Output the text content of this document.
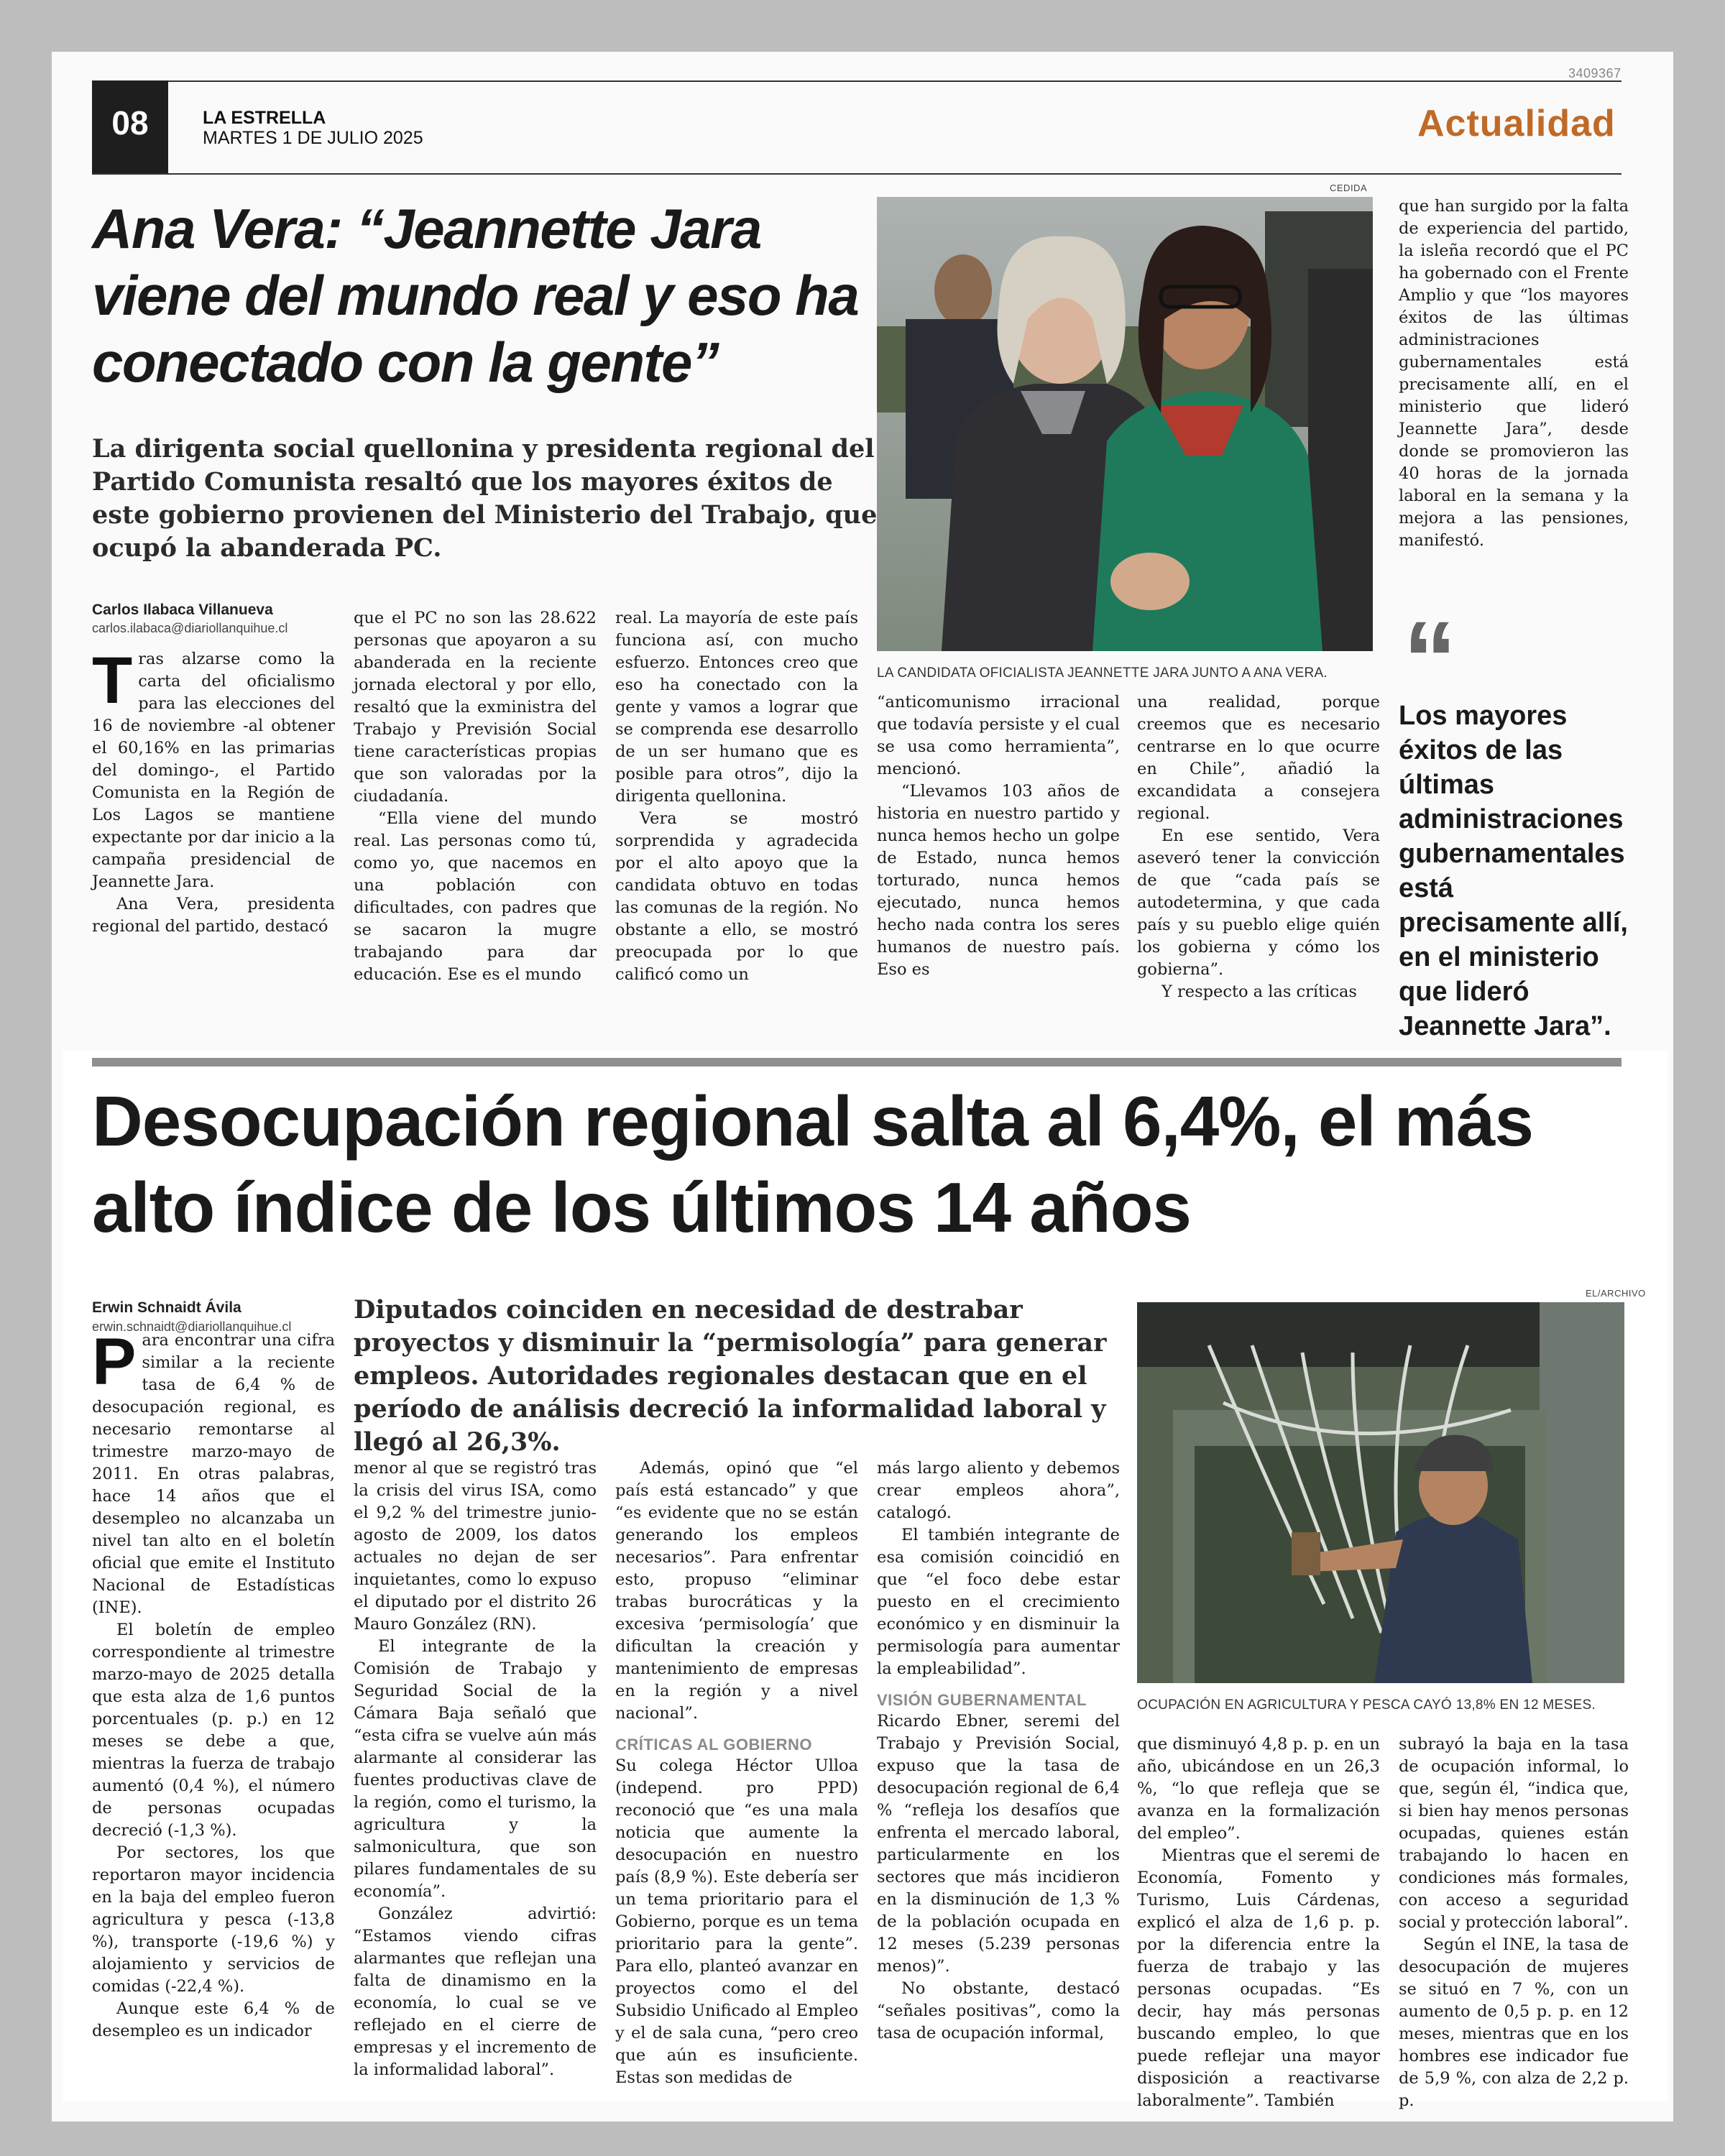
3409367
08	LA ESTRELLA
MARTES 1 DE JULIO 2025	Actualidad
Ana Vera: “Jeannette Jara viene del mundo real y eso ha conectado con la gente”
La dirigenta social quellonina y presidenta regional del Partido Comunista resaltó que los mayores éxitos de este gobierno provienen del Ministerio del Trabajo, que ocupó la abanderada PC.
Carlos Ilabaca Villanueva
carlos.ilabaca@diariollanquihue.cl
CEDIDA
LA CANDIDATA OFICIALISTA JEANNETTE JARA JUNTO A ANA VERA.

Tras alzarse como la carta del oficialismo para las elecciones del 16 de noviembre -al obtener el 60,16% en las primarias del domingo-, el Partido Comunista en la Región de Los Lagos se mantiene expectante por dar inicio a la campaña presidencial de Jeannette Jara.

Ana Vera, presidenta regional del partido, destacó

que el PC no son las 28.622 personas que apoyaron a su abanderada en la reciente jornada electoral y por ello, resaltó que la exministra del Trabajo y Previsión Social tiene características propias que son valoradas por la ciudadanía.

“Ella viene del mundo real. Las personas como tú, como yo, que nacemos en una población con dificultades, con padres que se sacaron la mugre trabajando para dar educación. Ese es el mundo

real. La mayoría de este país funciona así, con mucho esfuerzo. Entonces creo que eso ha conectado con la gente y vamos a lograr que se comprenda ese desarrollo de un ser humano que es posible para otros”, dijo la dirigenta quellonina.

Vera se mostró sorprendida y agradecida por el alto apoyo que la candidata obtuvo en todas las comunas de la región. No obstante a ello, se mostró preocupada por lo que calificó como un

“anticomunismo irracional que todavía persiste y el cual se usa como herramienta”, mencionó.

“Llevamos 103 años de historia en nuestro partido y nunca hemos hecho un golpe de Estado, nunca hemos torturado, nunca hemos ejecutado, nunca hemos hecho nada contra los seres humanos de nuestro país. Eso es

una realidad, porque creemos que es necesario centrarse en lo que ocurre en Chile”, añadió la excandidata a consejera regional.

En ese sentido, Vera aseveró tener la convicción de que “cada país se autodetermina, y que cada país y su pueblo elige quién los gobierna y cómo los gobierna”.

Y respecto a las críticas

que han surgido por la falta de experiencia del partido, la isleña recordó que el PC ha gobernado con el Frente Amplio y que “los mayores éxitos de las últimas administraciones gubernamentales está precisamente allí, en el ministerio que lideró Jeannette Jara”, desde donde se promovieron las 40 horas de la jornada laboral en la semana y la mejora a las pensiones, manifestó.

“
Los mayores éxitos de las últimas administraciones gubernamentales está precisamente allí, en el ministerio que lideró Jeannette Jara”.
Desocupación regional salta al 6,4%, el más alto índice de los últimos 14 años
Erwin Schnaidt Ávila
erwin.schnaidt@diariollanquihue.cl
Diputados coinciden en necesidad de destrabar proyectos y disminuir la “permisología” para generar empleos. Autoridades regionales destacan que en el período de análisis decreció la informalidad laboral y llegó al 26,3%.
EL/ARCHIVO
OCUPACIÓN EN AGRICULTURA Y PESCA CAYÓ 13,8% EN 12 MESES.

Para encontrar una cifra similar a la reciente tasa de 6,4 % de desocupación regional, es necesario remontarse al trimestre marzo-mayo de 2011. En otras palabras, hace 14 años que el desempleo no alcanzaba un nivel tan alto en el boletín oficial que emite el Instituto Nacional de Estadísticas (INE).

El boletín de empleo correspondiente al trimestre marzo-mayo de 2025 detalla que esta alza de 1,6 puntos porcentuales (p. p.) en 12 meses se debe a que, mientras la fuerza de trabajo aumentó (0,4 %), el número de personas ocupadas decreció (-1,3 %).

Por sectores, los que reportaron mayor incidencia en la baja del empleo fueron agricultura y pesca (-13,8 %), transporte (-19,6 %) y alojamiento y servicios de comidas (-22,4 %).

Aunque este 6,4 % de desempleo es un indicador

menor al que se registró tras la crisis del virus ISA, como el 9,2 % del trimestre junio-agosto de 2009, los datos actuales no dejan de ser inquietantes, como lo expuso el diputado por el distrito 26 Mauro González (RN).

El integrante de la Comisión de Trabajo y Seguridad Social de la Cámara Baja señaló que “esta cifra se vuelve aún más alarmante al considerar las fuentes productivas clave de la región, como el turismo, la agricultura y la salmonicultura, que son pilares fundamentales de su economía”.

González advirtió: “Estamos viendo cifras alarmantes que reflejan una falta de dinamismo en la economía, lo cual se ve reflejado en el cierre de empresas y el incremento de la informalidad laboral”.

Además, opinó que “el país está estancado” y que “es evidente que no se están generando los empleos necesarios”. Para enfrentar esto, propuso “eliminar trabas burocráticas y la excesiva ‘permisología’ que dificultan la creación y mantenimiento de empresas en la región y a nivel nacional”.

CRÍTICAS AL GOBIERNO

Su colega Héctor Ulloa (independ. pro PPD) reconoció que “es una mala noticia que aumente la desocupación en nuestro país (8,9 %). Este debería ser un tema prioritario para el Gobierno, porque es un tema prioritario para la gente”. Para ello, planteó avanzar en proyectos como el del Subsidio Unificado al Empleo y el de sala cuna, “pero creo que aún es insuficiente. Estas son medidas de

más largo aliento y debemos crear empleos ahora”, catalogó.

El también integrante de esa comisión coincidió en que “el foco debe estar puesto en el crecimiento económico y en disminuir la permisología para aumentar la empleabilidad”.

VISIÓN GUBERNAMENTAL

Ricardo Ebner, seremi del Trabajo y Previsión Social, expuso que la tasa de desocupación regional de 6,4 % “refleja los desafíos que enfrenta el mercado laboral, particularmente en los sectores que más incidieron en la disminución de 1,3 % de la población ocupada en 12 meses (5.239 personas menos)”.

No obstante, destacó “señales positivas”, como la tasa de ocupación informal,

que disminuyó 4,8 p. p. en un año, ubicándose en un 26,3 %, “lo que refleja que se avanza en la formalización del empleo”.

Mientras que el seremi de Economía, Fomento y Turismo, Luis Cárdenas, explicó el alza de 1,6 p. p. por la diferencia entre la fuerza de trabajo y las personas ocupadas. “Es decir, hay más personas buscando empleo, lo que puede reflejar una mayor disposición a reactivarse laboralmente”. También

subrayó la baja en la tasa de ocupación informal, lo que, según él, “indica que, si bien hay menos personas ocupadas, quienes están trabajando lo hacen en condiciones más formales, con acceso a seguridad social y protección laboral”.

Según el INE, la tasa de desocupación de mujeres se situó en 7 %, con un aumento de 0,5 p. p. en 12 meses, mientras que en los hombres ese indicador fue de 5,9 %, con alza de 2,2 p. p.
